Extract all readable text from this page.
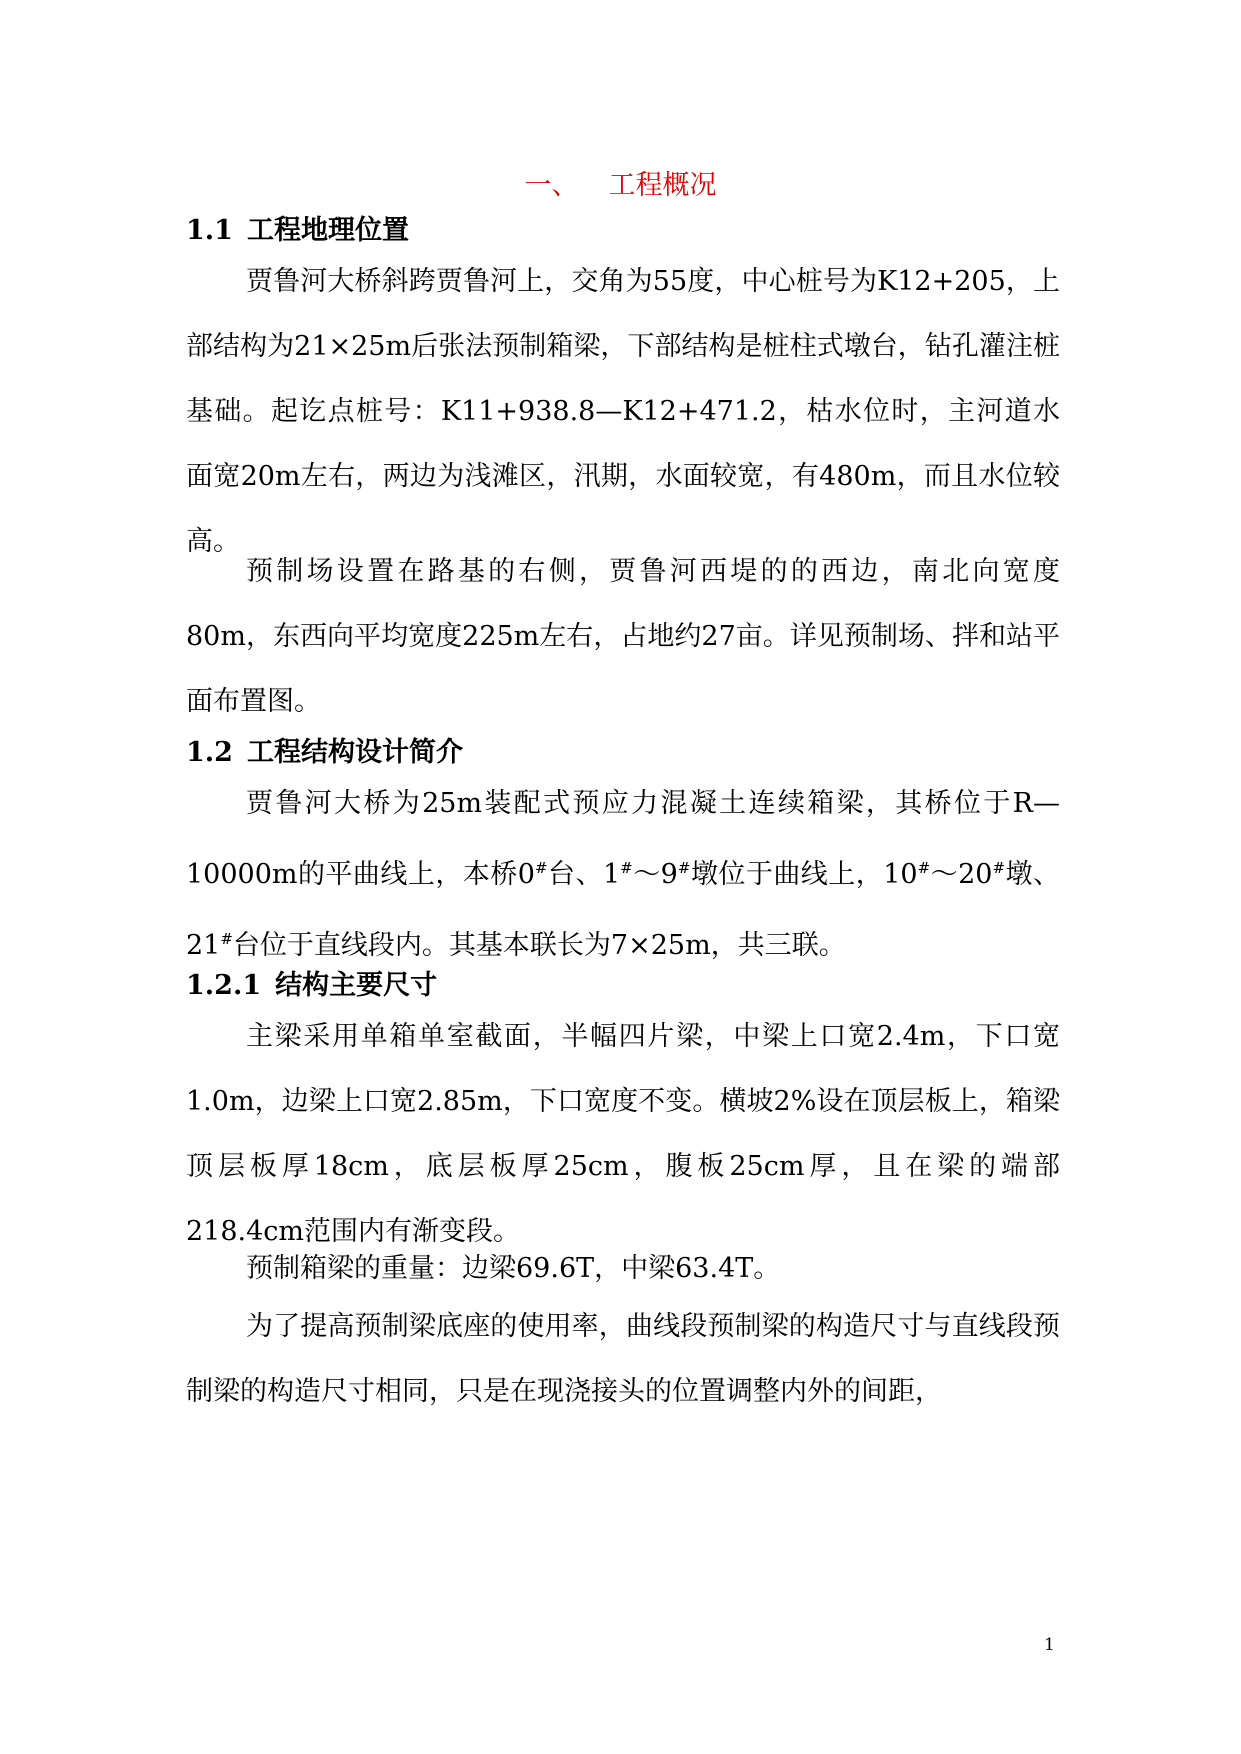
一、 工程概况
1.1 工程地理位置

贾鲁河大桥斜跨贾鲁河上，交角为55度，中心桩号为K12+205，上部结构为21×25m后张法预制箱梁，下部结构是桩柱式墩台，钻孔灌注桩基础。起讫点桩号：K11+938.8—K12+471.2，枯水位时，主河道水面宽20m左右，两边为浅滩区，汛期，水面较宽，有480m，而且水位较高。

预制场设置在路基的右侧，贾鲁河西堤的的西边，南北向宽度80m，东西向平均宽度225m左右，占地约27亩。详见预制场、拌和站平面布置图。

1.2 工程结构设计简介

贾鲁河大桥为25m装配式预应力混凝土连续箱梁，其桥位于R—10000m的平曲线上，本桥0#台、1#～9#墩位于曲线上，10#～20#墩、21#台位于直线段内。其基本联长为7×25m，共三联。

1.2.1 结构主要尺寸

主梁采用单箱单室截面，半幅四片梁，中梁上口宽2.4m，下口宽1.0m，边梁上口宽2.85m，下口宽度不变。横坡2%设在顶层板上，箱梁顶层板厚18cm，底层板厚25cm，腹板25cm厚，且在梁的端部218.4cm范围内有渐变段。

预制箱梁的重量：边梁69.6T，中梁63.4T。

为了提高预制梁底座的使用率，曲线段预制梁的构造尺寸与直线段预制梁的构造尺寸相同，只是在现浇接头的位置调整内外的间距，

1
